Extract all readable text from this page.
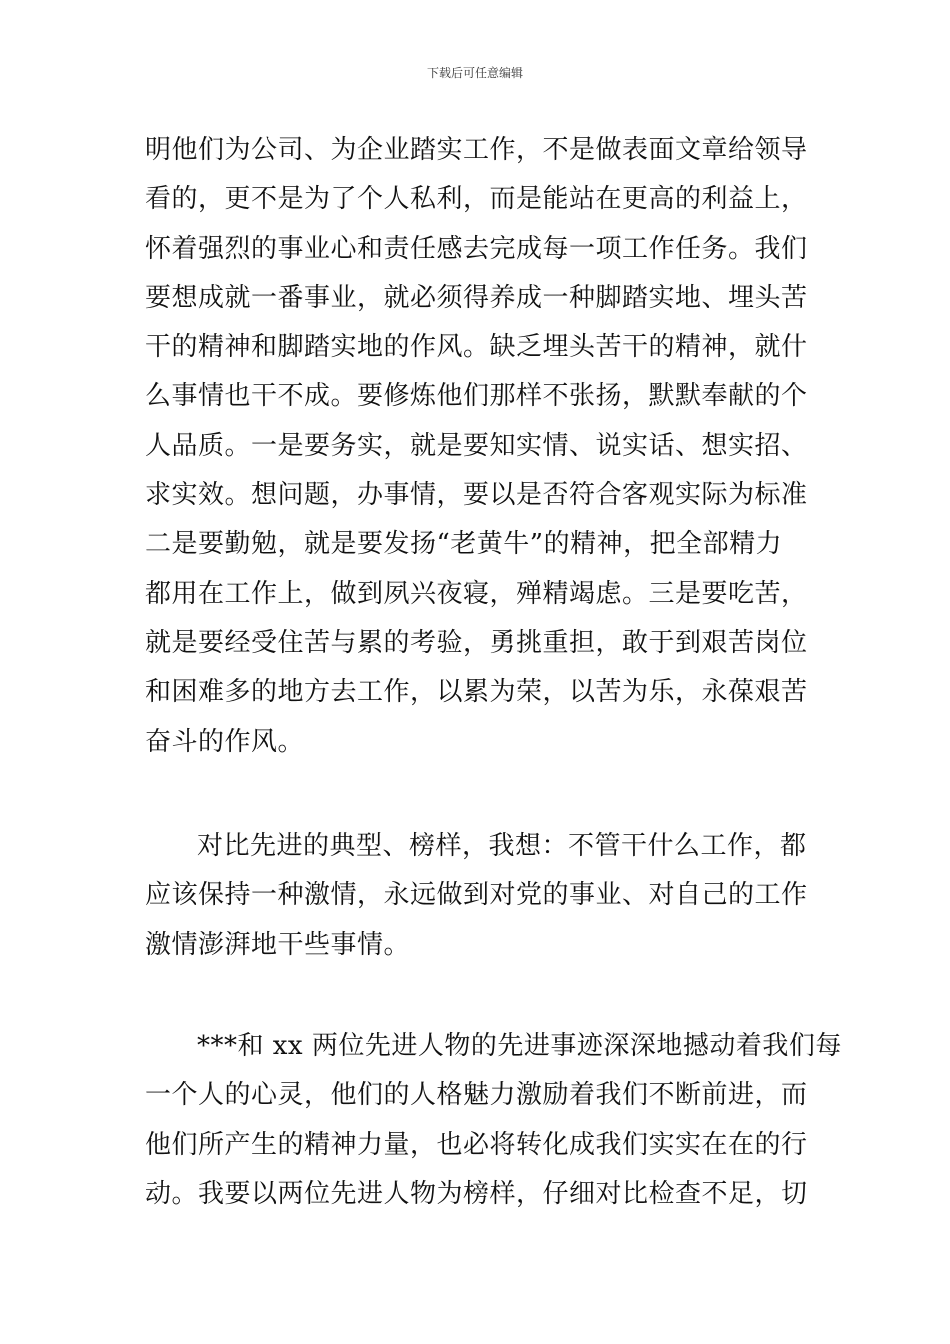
下载后可任意编辑
明他们为公司、为企业踏实工作，不是做表面文章给领导
看的，更不是为了个人私利，而是能站在更高的利益上，
怀着强烈的事业心和责任感去完成每一项工作任务。我们
要想成就一番事业，就必须得养成一种脚踏实地、埋头苦
干的精神和脚踏实地的作风。缺乏埋头苦干的精神，就什
么事情也干不成。要修炼他们那样不张扬，默默奉献的个
人品质。一是要务实，就是要知实情、说实话、想实招、
求实效。想问题，办事情，要以是否符合客观实际为标准
二是要勤勉，就是要发扬“老黄牛”的精神，把全部精力
都用在工作上，做到夙兴夜寝，殚精竭虑。三是要吃苦，
就是要经受住苦与累的考验，勇挑重担，敢于到艰苦岗位
和困难多的地方去工作，以累为荣，以苦为乐，永葆艰苦
奋斗的作风。
对比先进的典型、榜样，我想：不管干什么工作，都
应该保持一种激情，永远做到对党的事业、对自己的工作
激情澎湃地干些事情。
***和 xx 两位先进人物的先进事迹深深地撼动着我们每
一个人的心灵，他们的人格魅力激励着我们不断前进，而
他们所产生的精神力量，也必将转化成我们实实在在的行
动。我要以两位先进人物为榜样，仔细对比检查不足，切
